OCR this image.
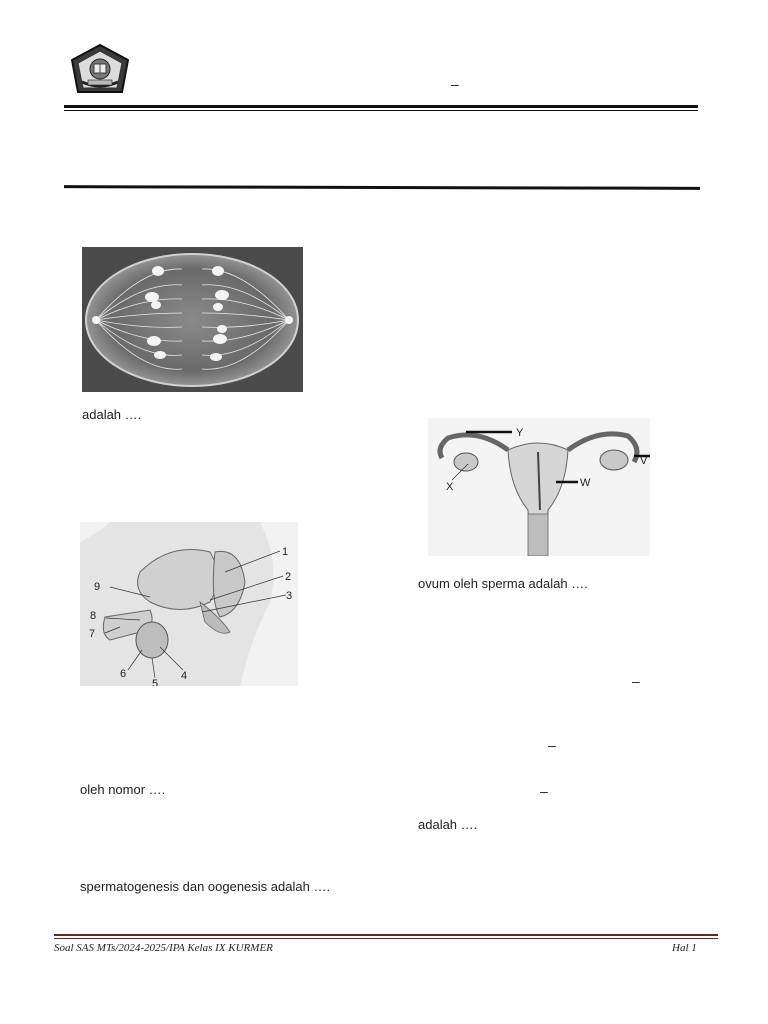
–
adalah ….
1
2
3
4
5
6
7
8
9
oleh nomor ….
spermatogenesis dan oogenesis adalah ….
Y
V
X	W
ovum oleh sperma adalah ….
–
–
–
adalah ….
Soal SAS MTs/2024-2025/IPA Kelas IX KURMER	Hal 1
